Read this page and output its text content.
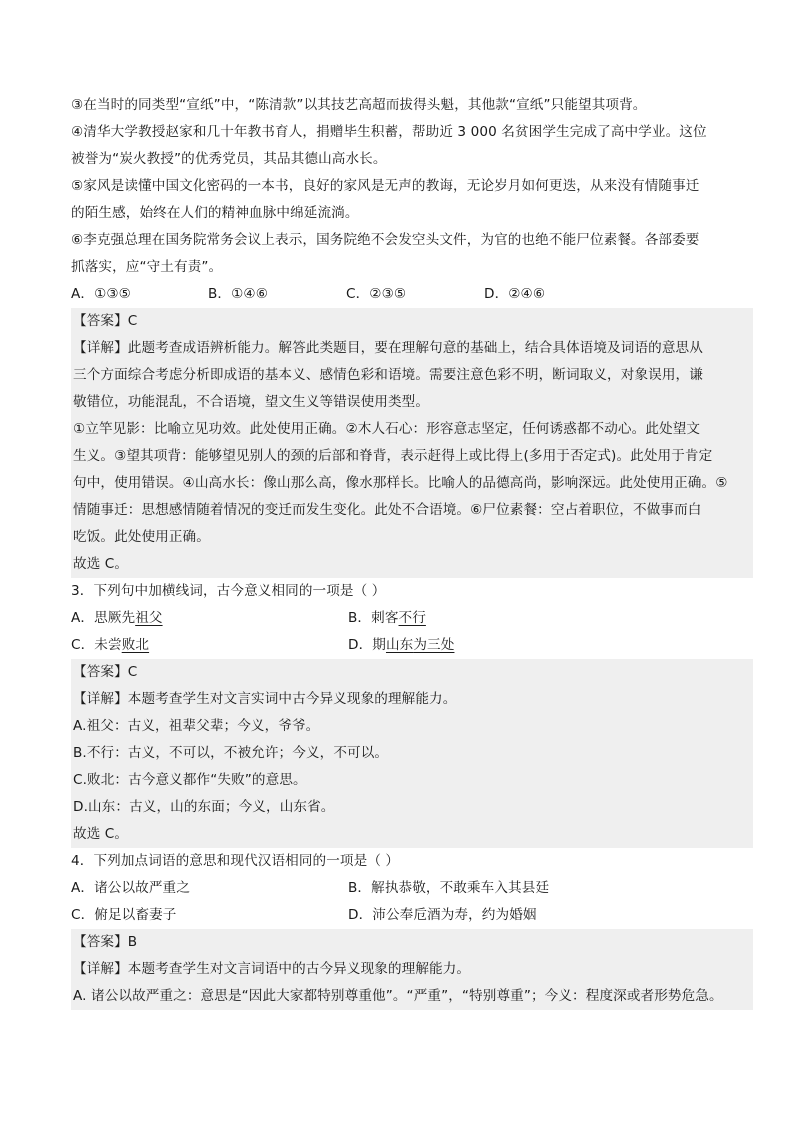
③在当时的同类型“宣纸”中，“陈清款”以其技艺高超而拔得头魁，其他款“宣纸”只能望其项背。
④清华大学教授赵家和几十年教书育人，捐赠毕生积蓄，帮助近 3 000 名贫困学生完成了高中学业。这位
被誉为“炭火教授”的优秀党员，其品其德山高水长。
⑤家风是读懂中国文化密码的一本书，良好的家风是无声的教诲，无论岁月如何更迭，从来没有情随事迁
的陌生感，始终在人们的精神血脉中绵延流淌。
⑥李克强总理在国务院常务会议上表示，国务院绝不会发空头文件，为官的也绝不能尸位素餐。各部委要
抓落实，应“守土有责”。
A．①③⑤	B．①④⑥	C．②③⑤	D．②④⑥
【答案】C
【详解】此题考查成语辨析能力。解答此类题目，要在理解句意的基础上，结合具体语境及词语的意思从
三个方面综合考虑分析即成语的基本义、感情色彩和语境。需要注意色彩不明，断词取义，对象误用，谦
敬错位，功能混乱，不合语境，望文生义等错误使用类型。
①立竿见影：比喻立见功效。此处使用正确。②木人石心：形容意志坚定，任何诱惑都不动心。此处望文
生义。③望其项背：能够望见别人的颈的后部和脊背，表示赶得上或比得上(多用于否定式)。此处用于肯定
句中，使用错误。④山高水长：像山那么高，像水那样长。比喻人的品德高尚，影响深远。此处使用正确。⑤
情随事迁：思想感情随着情况的变迁而发生变化。此处不合语境。⑥尸位素餐：空占着职位，不做事而白
吃饭。此处使用正确。
故选 C。
3．下列句中加横线词，古今意义相同的一项是（ ）
A．思厥先祖父	B．刺客不行
C．未尝败北	D．期山东为三处
【答案】C
【详解】本题考查学生对文言实词中古今异义现象的理解能力。
A.祖父：古义，祖辈父辈；今义，爷爷。
B.不行：古义，不可以，不被允许；今义，不可以。
C.败北：古今意义都作“失败”的意思。
D.山东：古义，山的东面；今义，山东省。
故选 C。
4．下列加点词语的意思和现代汉语相同的一项是（ ）
A．诸公以故严重之	B．解执恭敬，不敢乘车入其县廷
C．俯足以畜妻子	D．沛公奉卮酒为寿，约为婚姻
【答案】B
【详解】本题考查学生对文言词语中的古今异义现象的理解能力。
A. 诸公以故严重之：意思是“因此大家都特别尊重他”。“严重”，“特别尊重”；今义：程度深或者形势危急。
